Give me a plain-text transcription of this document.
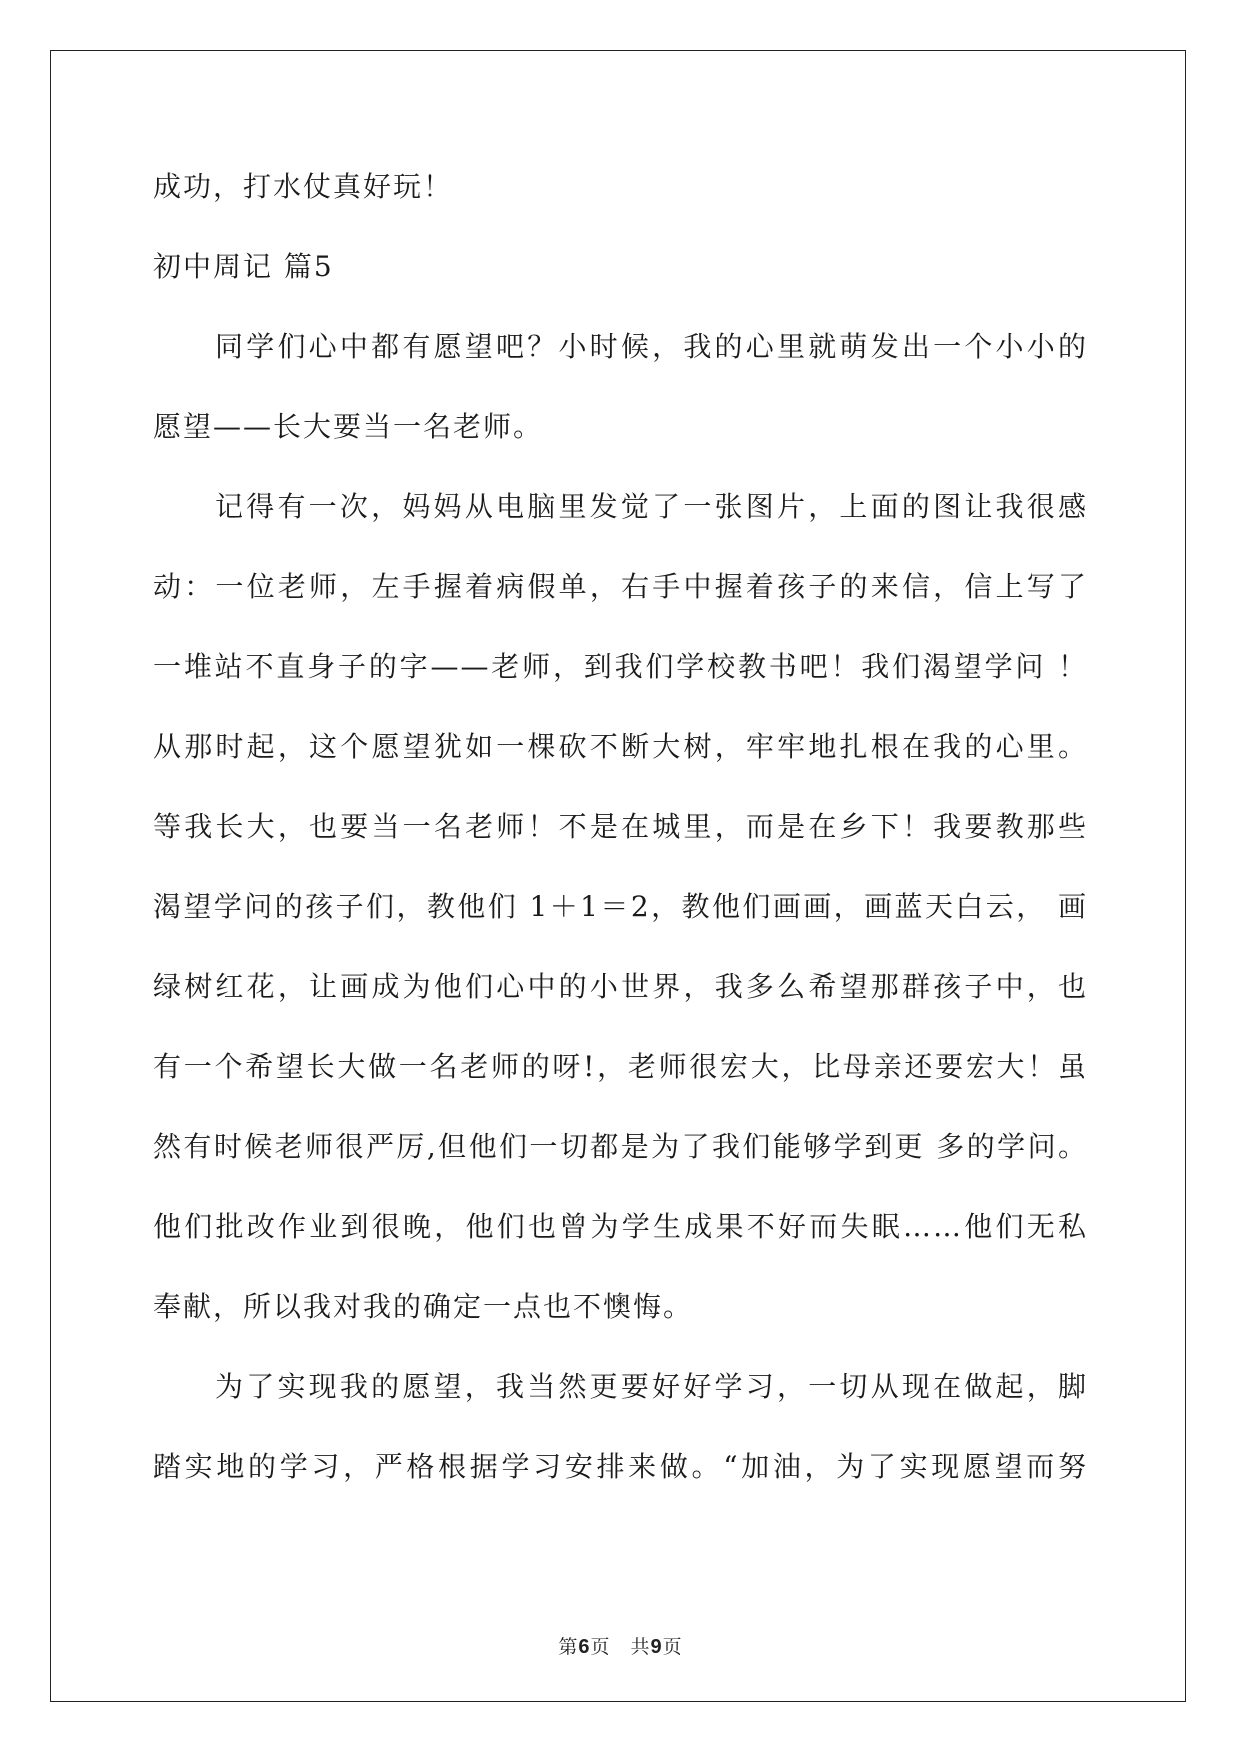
成功，打水仗真好玩！
初中周记 篇5
同学们心中都有愿望吧？小时候，我的心里就萌发出一个小小的
愿望——长大要当一名老师。
记得有一次，妈妈从电脑里发觉了一张图片，上面的图让我很感
动：一位老师，左手握着病假单，右手中握着孩子的来信，信上写了
一堆站不直身子的字——老师，到我们学校教书吧！我们渴望学问 ！
从那时起，这个愿望犹如一棵砍不断大树，牢牢地扎根在我的心里。
等我长大，也要当一名老师！不是在城里，而是在乡下！我要教那些
渴望学问的孩子们，教他们 1＋1＝2，教他们画画，画蓝天白云， 画
绿树红花，让画成为他们心中的小世界，我多么希望那群孩子中，也
有一个希望长大做一名老师的呀!，老师很宏大，比母亲还要宏大！虽
然有时候老师很严厉,但他们一切都是为了我们能够学到更 多的学问。
他们批改作业到很晚，他们也曾为学生成果不好而失眠……他们无私
奉献，所以我对我的确定一点也不懊悔。
为了实现我的愿望，我当然更要好好学习，一切从现在做起，脚
踏实地的学习，严格根据学习安排来做。“加油，为了实现愿望而努
第6页　共9页
